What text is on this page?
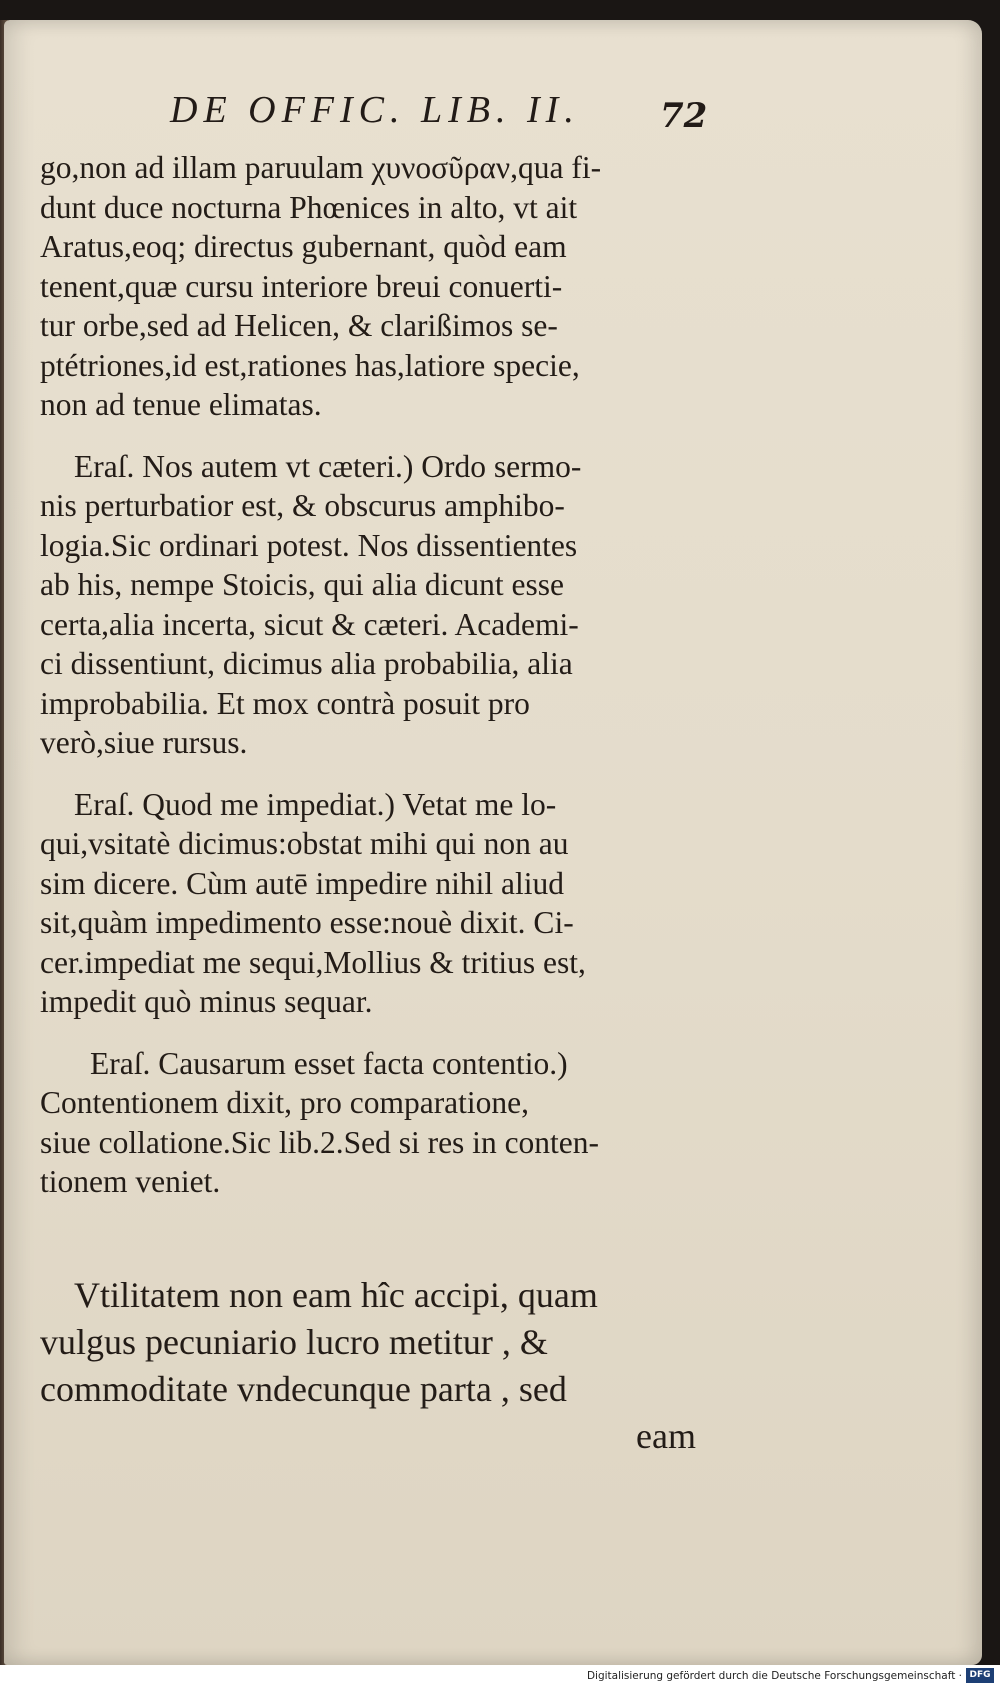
DE OFFIC. LIB. II. 72

go,non ad illam paruulam χυνοσῦραν,qua fi-

dunt duce nocturna Phœnices in alto, vt ait

Aratus,eoq; directus gubernant, quòd eam

tenent,quæ cursu interiore breui conuerti-

tur orbe,sed ad Helicen, & clarißimos se-

ptétriones,id est,rationes has,latiore specie,

non ad tenue elimatas.

Eraſ. Nos autem vt cæteri.) Ordo sermo-

nis perturbatior est, & obscurus amphibo-

logia.Sic ordinari potest. Nos dissentientes

ab his, nempe Stoicis, qui alia dicunt esse

certa,alia incerta, sicut & cæteri. Academi-

ci dissentiunt, dicimus alia probabilia, alia

improbabilia. Et mox contrà posuit pro

verò,siue rursus.

Eraſ. Quod me impediat.) Vetat me lo-

qui,vsitatè dicimus:obstat mihi qui non au

sim dicere. Cùm autē impedire nihil aliud

sit,quàm impedimento esse:nouè dixit. Ci-

cer.impediat me sequi,Mollius & tritius est,

impedit quò minus sequar.

Eraſ. Causarum esset facta contentio.)

Contentionem dixit, pro comparatione,

siue collatione.Sic lib.2.Sed si res in conten-

tionem veniet.

Vtilitatem non eam hîc accipi, quam

vulgus pecuniario lucro metitur , &

commoditate vndecunque parta , sed

eam

Digitalisierung gefördert durch die Deutsche Forschungsgemeinschaft · DFG
